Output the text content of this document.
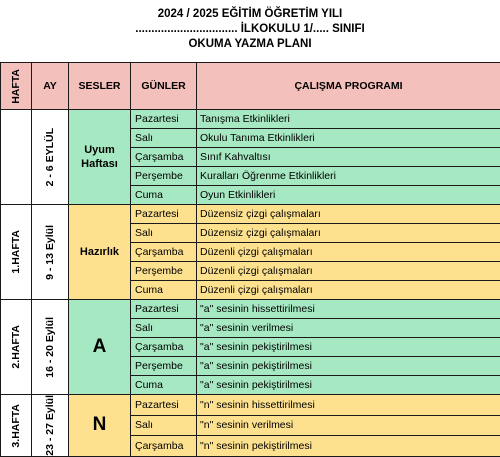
2024 / 2025 EĞİTİM ÖĞRETİM YILI
................................ İLKOKULU 1/..... SINIFI
OKUMA YAZMA PLANI
HAFTA	AY	SESLER	GÜNLER	ÇALIŞMA PROGRAMI

	2 - 6 EYLÜL	Uyum Haftası	Pazartesi	Tanışma Etkinlikleri
			Salı	Okulu Tanıma Etkinlikleri
			Çarşamba	Sınıf Kahvaltısı
			Perşembe	Kuralları Öğrenme Etkinlikleri
			Cuma	Oyun Etkinlikleri

1.HAFTA	9 - 13 Eylül	Hazırlık	Pazartesi	Düzensiz çizgi çalışmaları
			Salı	Düzensiz çizgi çalışmaları
			Çarşamba	Düzenli çizgi çalışmaları
			Perşembe	Düzenli çizgi çalışmaları
			Cuma	Düzenli çizgi çalışmaları

2.HAFTA	16 - 20 Eylül	A	Pazartesi	"a" sesinin hissettirilmesi
			Salı	"a" sesinin verilmesi
			Çarşamba	"a" sesinin pekiştirilmesi
			Perşembe	"a" sesinin pekiştirilmesi
			Cuma	"a" sesinin pekiştirilmesi

3.HAFTA	23 - 27 Eylül	N	Pazartesi	"n" sesinin hissettirilmesi
			Salı	"n" sesinin verilmesi
			Çarşamba	"n" sesinin pekiştirilmesi
